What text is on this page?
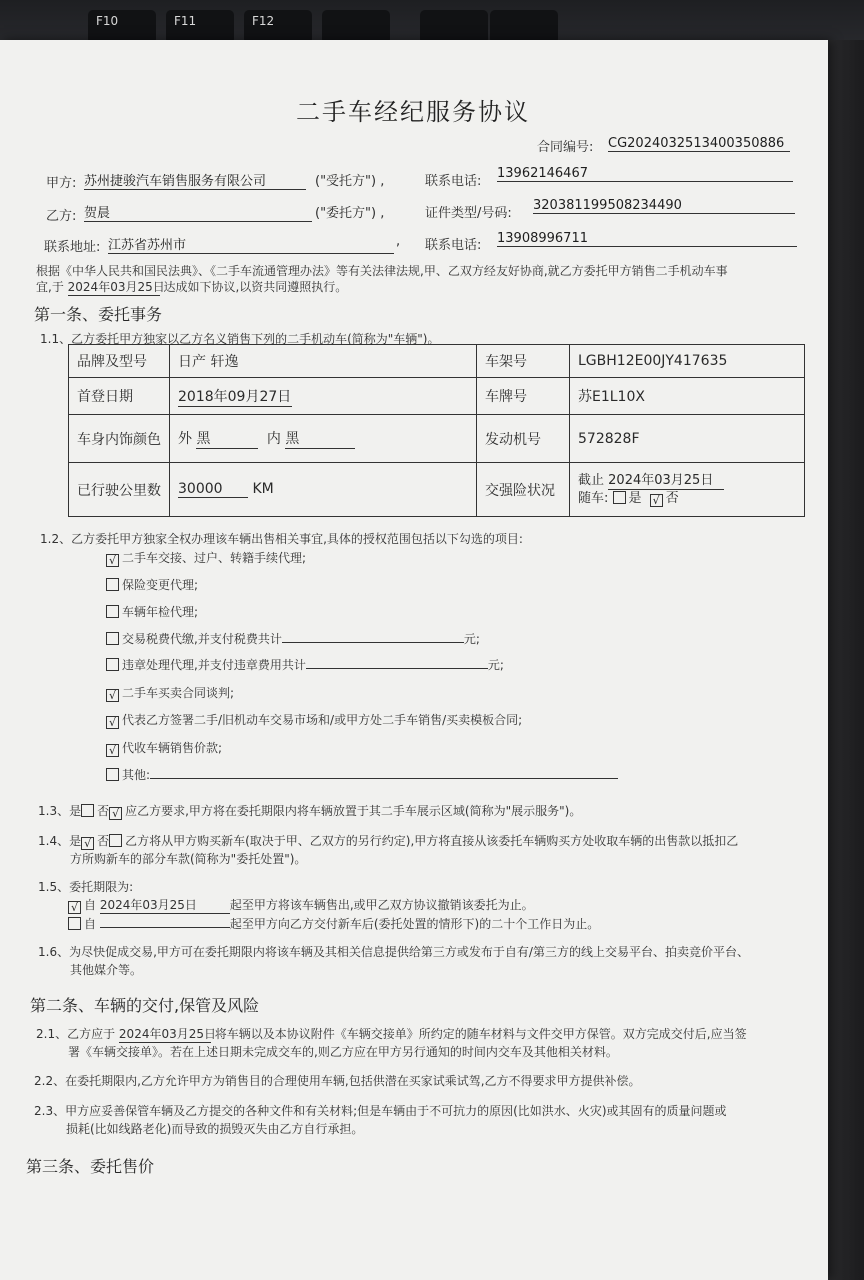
F10	F11	F12
二手车经纪服务协议
合同编号: CG2024032513400350886
甲方: 苏州捷骏汽车销售服务有限公司	("受托方") ,	联系电话:
13962146467
乙方: 贺晨	("委托方") ,	证件类型/号码:
320381199508234490
联系地址: 江苏省苏州市	, 联系电话: 13908996711
根据《中华人民共和国民法典》、《二手车流通管理办法》等有关法律法规,甲、乙双方经友好协商,就乙方委托甲方销售二手机动车事
宜,于 2024年03月25日 达成如下协议,以资共同遵照执行。
第一条、委托事务
1.1、乙方委托甲方独家以乙方名义销售下列的二手机动车(简称为"车辆")。
品牌及型号	日产 轩逸	车架号	LGBH12E00JY417635
首登日期	2018年09月27日	车牌号	苏E1L10X
车身内饰颜色	外 黑 内 黑	发动机号	572828F
已行驶公里数	30000 KM	交强险状况	截止 2024年03月25日
随车: 是 √ 否
1.2、乙方委托甲方独家全权办理该车辆出售相关事宜,具体的授权范围包括以下勾选的项目:
√ 二手车交接、过户、转籍手续代理;
保险变更代理;
车辆年检代理;
交易税费代缴,并支付税费共计	元;
违章处理代理,并支付违章费用共计	元;
√ 二手车买卖合同谈判;
√ 代表乙方签署二手/旧机动车交易市场和/或甲方处二手车销售/买卖模板合同;
√ 代收车辆销售价款;
其他:
1.3、是 否 √ 应乙方要求,甲方将在委托期限内将车辆放置于其二手车展示区域(简称为"展示服务")。
1.4、是 √ 否 乙方将从甲方购买新车(取决于甲、乙双方的另行约定),甲方将直接从该委托车辆购买方处收取车辆的出售款以抵扣乙
方所购新车的部分车款(简称为"委托处置")。
1.5、委托期限为:
√ 自 2024年03月25日	起至甲方将该车辆售出,或甲乙双方协议撤销该委托为止。
自	起至甲方向乙方交付新车后(委托处置的情形下)的二十个工作日为止。
1.6、为尽快促成交易,甲方可在委托期限内将该车辆及其相关信息提供给第三方或发布于自有/第三方的线上交易平台、拍卖竞价平台、
其他媒介等。
第二条、车辆的交付,保管及风险
2.1、乙方应于 2024年03月25日 将车辆以及本协议附件《车辆交接单》所约定的随车材料与文件交甲方保管。双方完成交付后,应当签
署《车辆交接单》。若在上述日期未完成交车的,则乙方应在甲方另行通知的时间内交车及其他相关材料。
2.2、在委托期限内,乙方允许甲方为销售目的合理使用车辆,包括供潜在买家试乘试驾,乙方不得要求甲方提供补偿。
2.3、甲方应妥善保管车辆及乙方提交的各种文件和有关材料;但是车辆由于不可抗力的原因(比如洪水、火灾)或其固有的质量问题或
损耗(比如线路老化)而导致的损毁灭失由乙方自行承担。
第三条、委托售价
